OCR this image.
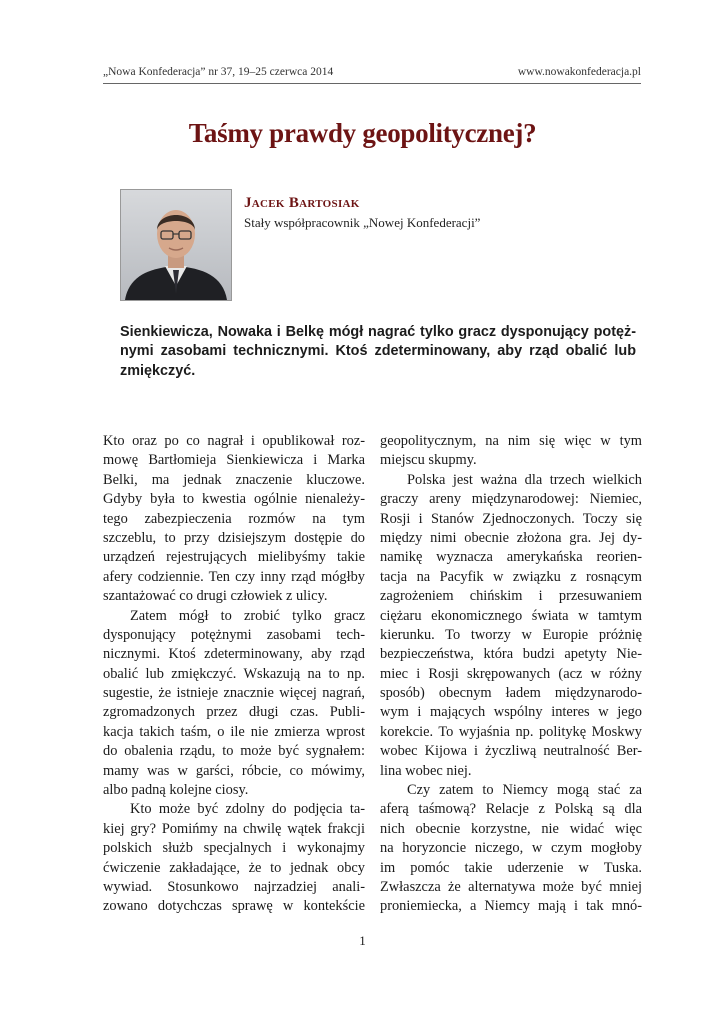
„Nowa Konfederacja” nr 37, 19–25 czerwca 2014	www.nowakonfederacja.pl
Taśmy prawdy geopolitycznej?
Jacek Bartosiak
Stały współpracownik „Nowej Konfederacji”
Sienkiewicza, Nowaka i Belkę mógł nagrać tylko gracz dysponujący potęż-
nymi zasobami technicznymi. Ktoś zdeterminowany, aby rząd obalić lub
zmiękczyć.
Kto oraz po co nagrał i opublikował roz-
mowę Bartłomieja Sienkiewicza i Marka
Belki, ma jednak znaczenie kluczowe.
Gdyby była to kwestia ogólnie nienależy-
tego zabezpieczenia rozmów na tym
szczeblu, to przy dzisiejszym dostępie do
urządzeń rejestrujących mielibyśmy takie
afery codziennie. Ten czy inny rząd mógłby
szantażować co drugi człowiek z ulicy.
Zatem mógł to zrobić tylko gracz
dysponujący potężnymi zasobami tech-
nicznymi. Ktoś zdeterminowany, aby rząd
obalić lub zmiękczyć. Wskazują na to np.
sugestie, że istnieje znacznie więcej nagrań,
zgromadzonych przez długi czas. Publi-
kacja takich taśm, o ile nie zmierza wprost
do obalenia rządu, to może być sygnałem:
mamy was w garści, róbcie, co mówimy,
albo padną kolejne ciosy.
Kto może być zdolny do podjęcia ta-
kiej gry? Pomińmy na chwilę wątek frakcji
polskich służb specjalnych i wykonajmy
ćwiczenie zakładające, że to jednak obcy
wywiad. Stosunkowo najrzadziej anali-
zowano dotychczas sprawę w kontekście
geopolitycznym, na nim się więc w tym
miejscu skupmy.
Polska jest ważna dla trzech wielkich
graczy areny międzynarodowej: Niemiec,
Rosji i Stanów Zjednoczonych. Toczy się
między nimi obecnie złożona gra. Jej dy-
namikę wyznacza amerykańska reorien-
tacja na Pacyfik w związku z rosnącym
zagrożeniem chińskim i przesuwaniem
ciężaru ekonomicznego świata w tamtym
kierunku. To tworzy w Europie próżnię
bezpieczeństwa, która budzi apetyty Nie-
miec i Rosji skrępowanych (acz w różny
sposób) obecnym ładem międzynarodo-
wym i mających wspólny interes w jego
korekcie. To wyjaśnia np. politykę Moskwy
wobec Kijowa i życzliwą neutralność Ber-
lina wobec niej.
Czy zatem to Niemcy mogą stać za
aferą taśmową? Relacje z Polską są dla
nich obecnie korzystne, nie widać więc
na horyzoncie niczego, w czym mogłoby
im pomóc takie uderzenie w Tuska.
Zwłaszcza że alternatywa może być mniej
proniemiecka, a Niemcy mają i tak mnó-
1
